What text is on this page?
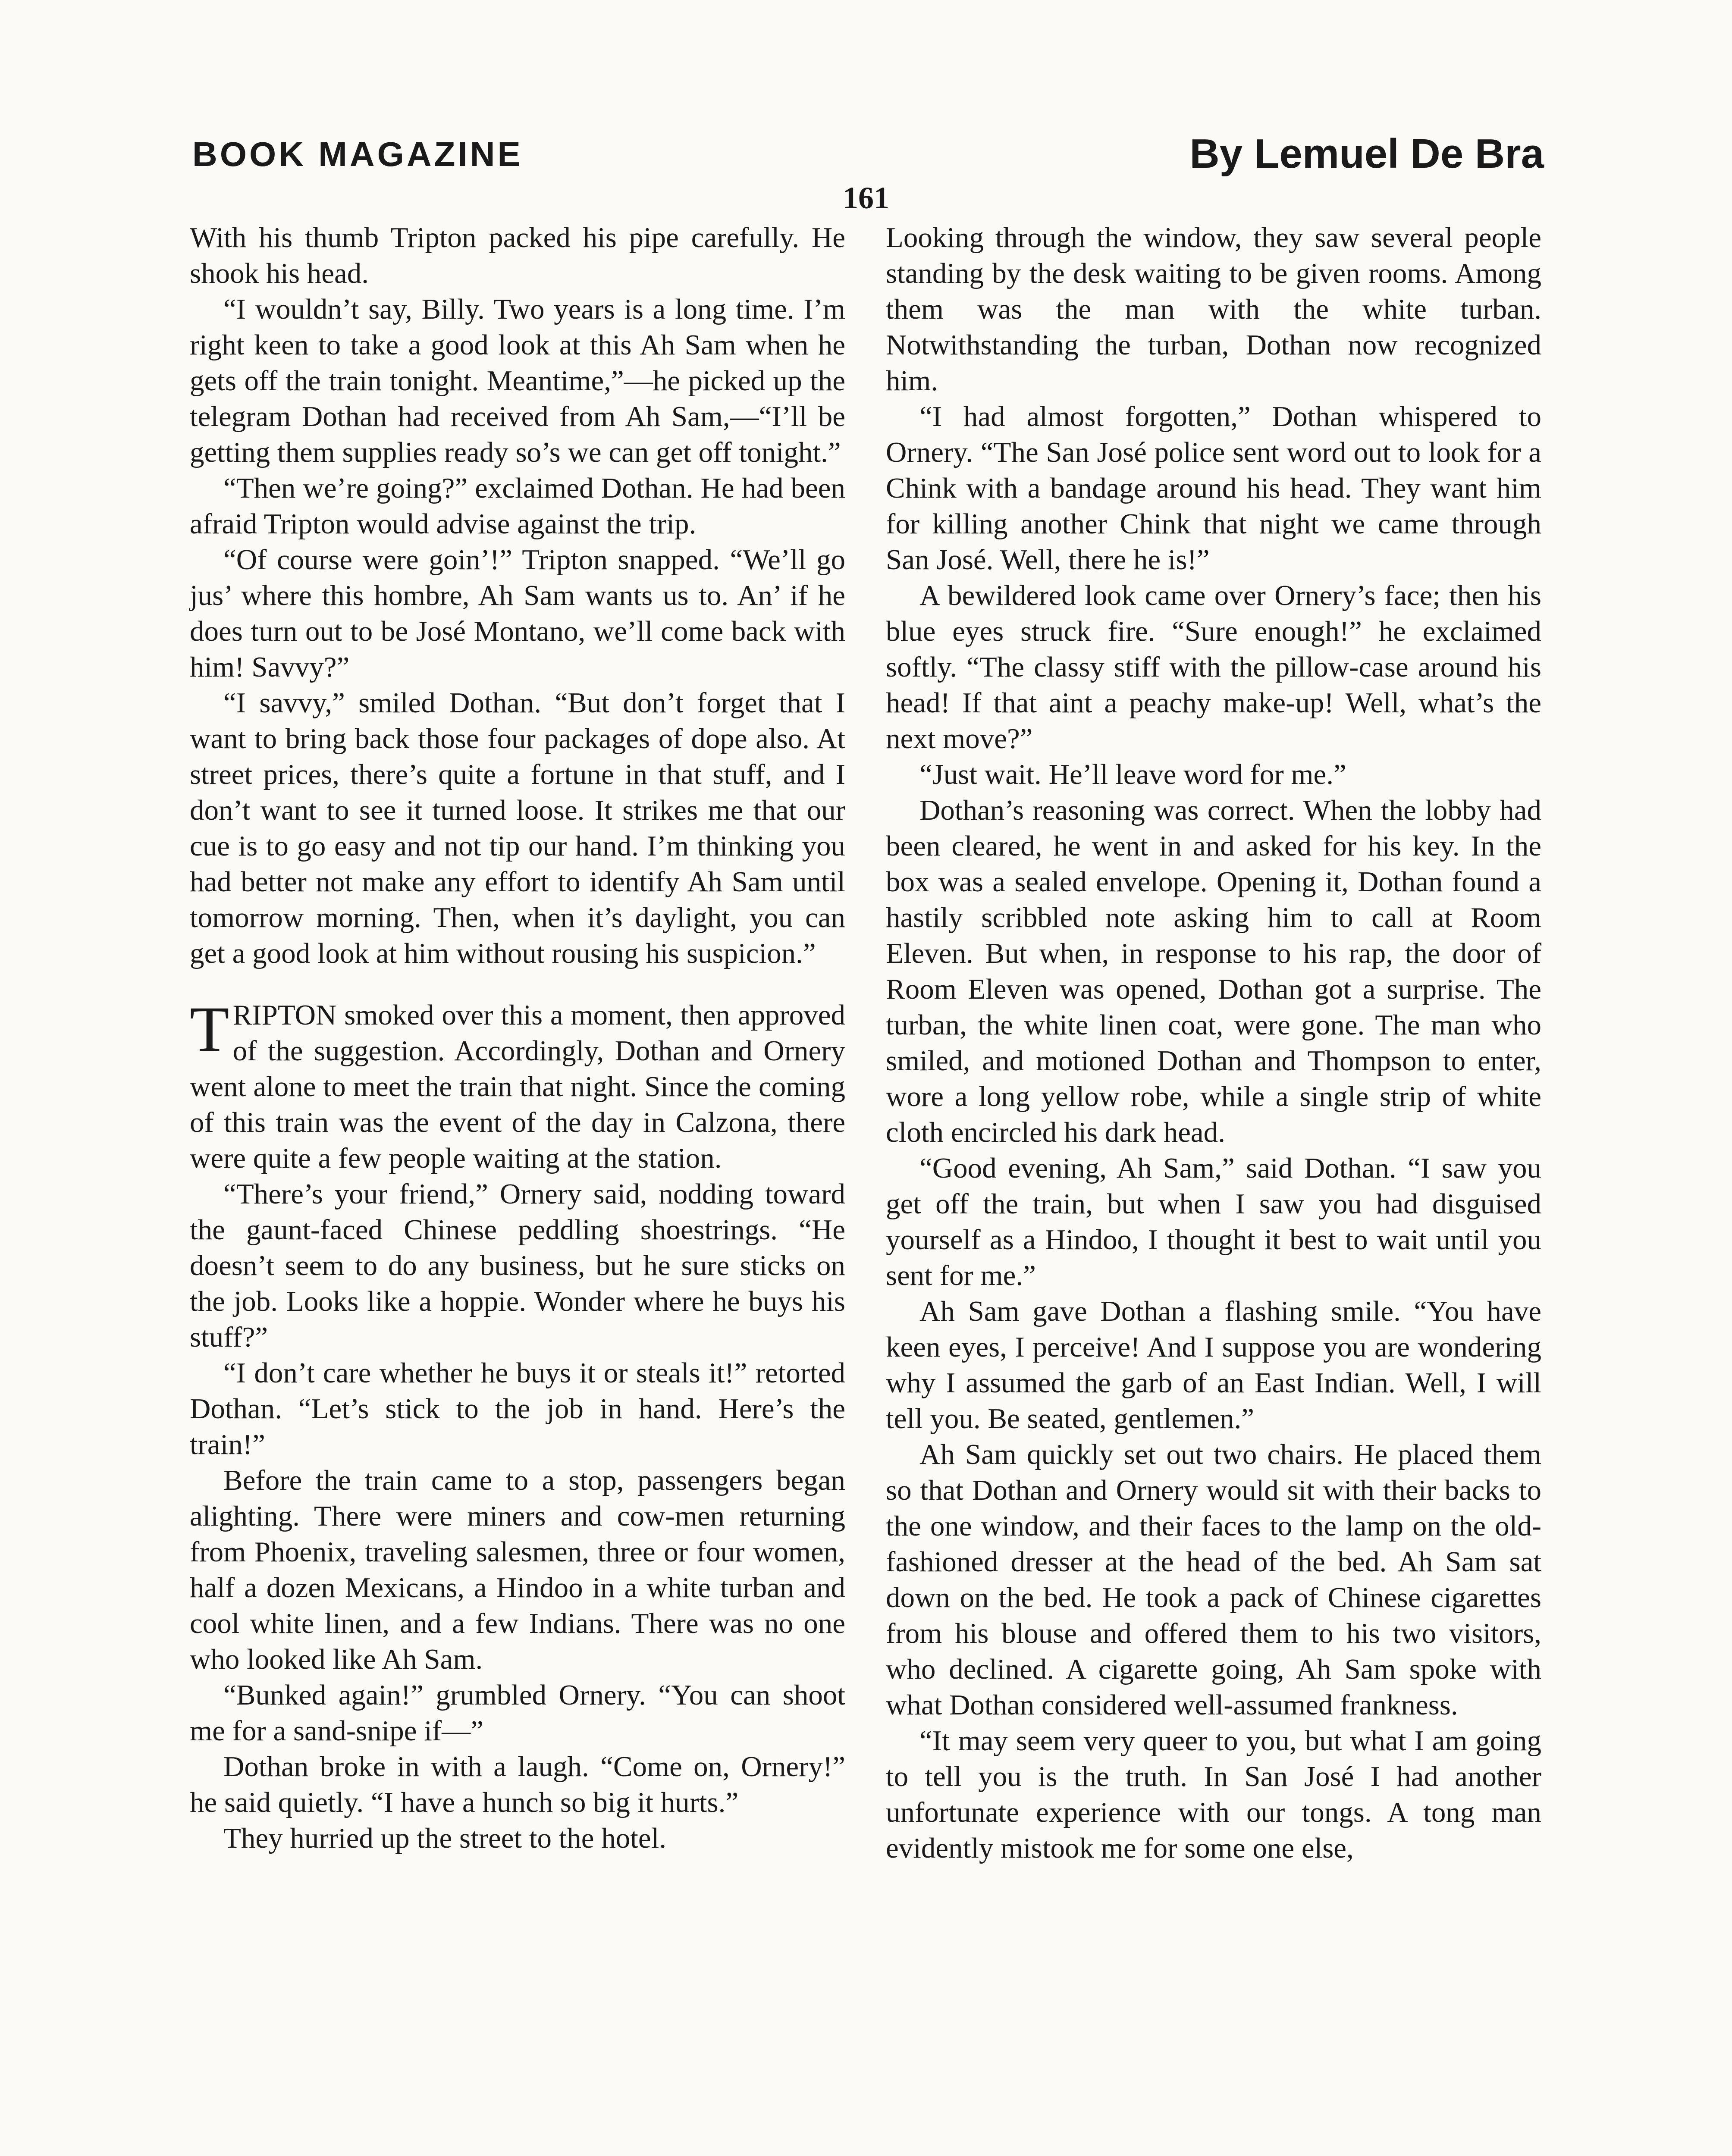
BOOK MAGAZINE	By Lemuel De Bra
161

With his thumb Tripton packed his pipe carefully. He shook his head.

“I wouldn’t say, Billy. Two years is a long time. I’m right keen to take a good look at this Ah Sam when he gets off the train tonight. Meantime,”—he picked up the telegram Dothan had received from Ah Sam,—“I’ll be getting them supplies ready so’s we can get off tonight.”

“Then we’re going?” exclaimed Dothan. He had been afraid Tripton would advise against the trip.

“Of course were goin’!” Tripton snapped. “We’ll go jus’ where this hombre, Ah Sam wants us to. An’ if he does turn out to be José Montano, we’ll come back with him! Savvy?”

“I savvy,” smiled Dothan. “But don’t forget that I want to bring back those four packages of dope also. At street prices, there’s quite a fortune in that stuff, and I don’t want to see it turned loose. It strikes me that our cue is to go easy and not tip our hand. I’m thinking you had better not make any effort to identify Ah Sam until tomorrow morning. Then, when it’s daylight, you can get a good look at him without rousing his suspicion.”

TRIPTON smoked over this a moment, then approved of the suggestion. Accordingly, Dothan and Ornery went alone to meet the train that night. Since the coming of this train was the event of the day in Calzona, there were quite a few people waiting at the station.

“There’s your friend,” Ornery said, nodding toward the gaunt-faced Chinese peddling shoestrings. “He doesn’t seem to do any business, but he sure sticks on the job. Looks like a hoppie. Wonder where he buys his stuff?”

“I don’t care whether he buys it or steals it!” retorted Dothan. “Let’s stick to the job in hand. Here’s the train!”

Before the train came to a stop, passengers began alighting. There were miners and cow-men returning from Phoenix, traveling salesmen, three or four women, half a dozen Mexicans, a Hindoo in a white turban and cool white linen, and a few Indians. There was no one who looked like Ah Sam.

“Bunked again!” grumbled Ornery. “You can shoot me for a sand-snipe if—”

Dothan broke in with a laugh. “Come on, Ornery!” he said quietly. “I have a hunch so big it hurts.”

They hurried up the street to the hotel.

Looking through the window, they saw several people standing by the desk waiting to be given rooms. Among them was the man with the white turban. Notwithstanding the turban, Dothan now recognized him.

“I had almost forgotten,” Dothan whispered to Ornery. “The San José police sent word out to look for a Chink with a bandage around his head. They want him for killing another Chink that night we came through San José. Well, there he is!”

A bewildered look came over Ornery’s face; then his blue eyes struck fire. “Sure enough!” he exclaimed softly. “The classy stiff with the pillow-case around his head! If that aint a peachy make-up! Well, what’s the next move?”

“Just wait. He’ll leave word for me.”

Dothan’s reasoning was correct. When the lobby had been cleared, he went in and asked for his key. In the box was a sealed envelope. Opening it, Dothan found a hastily scribbled note asking him to call at Room Eleven. But when, in response to his rap, the door of Room Eleven was opened, Dothan got a surprise. The turban, the white linen coat, were gone. The man who smiled, and motioned Dothan and Thompson to enter, wore a long yellow robe, while a single strip of white cloth encircled his dark head.

“Good evening, Ah Sam,” said Dothan. “I saw you get off the train, but when I saw you had disguised yourself as a Hindoo, I thought it best to wait until you sent for me.”

Ah Sam gave Dothan a flashing smile. “You have keen eyes, I perceive! And I suppose you are wondering why I assumed the garb of an East Indian. Well, I will tell you. Be seated, gentlemen.”

Ah Sam quickly set out two chairs. He placed them so that Dothan and Ornery would sit with their backs to the one window, and their faces to the lamp on the old-fashioned dresser at the head of the bed. Ah Sam sat down on the bed. He took a pack of Chinese cigarettes from his blouse and offered them to his two visitors, who declined. A cigarette going, Ah Sam spoke with what Dothan considered well-assumed frankness.

“It may seem very queer to you, but what I am going to tell you is the truth. In San José I had another unfortunate experience with our tongs. A tong man evidently mistook me for some one else,
